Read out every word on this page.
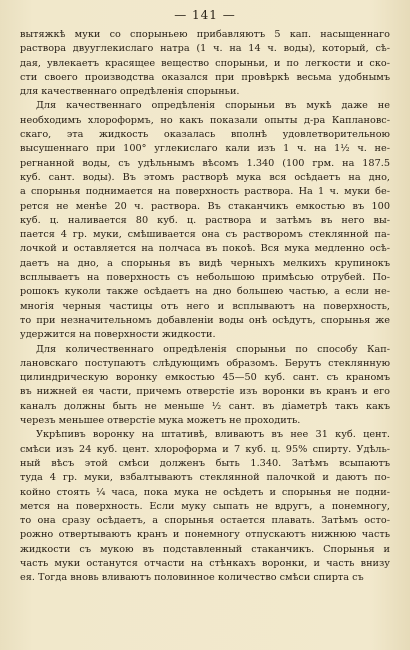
— 141 —
вытяжкѣ муки со спорыньею прибавляютъ 5 кап. насыщеннаго
раствора двууглекислаго натра (1 ч. на 14 ч. воды), который, сѣ-
дая, увлекаетъ красящее вещество спорыньи, и по легкости и ско-
сти своего производства оказался при провѣркѣ весьма удобнымъ
для качественнаго опредѣленія спорыньи.
Для качественнаго опредѣленія спорыньи въ мукѣ даже не
необходимъ хлороформъ, но какъ показали опыты д-ра Каплановс-
скаго, эта жидкость оказалась вполнѣ удовлетворительною
высушеннаго при 100° углекислаго кали изъ 1 ч. на 1½ ч. не-
регнанной воды, съ удѣльнымъ вѣсомъ 1.340 (100 грм. на 187.5
куб. сант. воды). Въ этомъ растворѣ мука вся осѣдаетъ на дно,
а спорынья поднимается на поверхность раствора. На 1 ч. муки бе-
рется не менѣе 20 ч. раствора. Въ стаканчикъ емкостью въ 100
куб. ц. наливается 80 куб. ц. раствора и затѣмъ въ него вы-
пается 4 гр. муки, смѣшивается она съ растворомъ стеклянной па-
лочкой и оставляется на полчаса въ покоѣ. Вся мука медленно осѣ-
даетъ на дно, а спорынья въ видѣ черныхъ мелкихъ крупинокъ
всплываетъ на поверхность съ небольшою примѣсью отрубей. По-
рошокъ куколи также осѣдаетъ на дно большею частью, а если не-
многія черныя частицы отъ него и всплываютъ на поверхность,
то при незначительномъ добавленіи воды онѣ осѣдутъ, спорынья же
удержится на поверхности жидкости.
Для количественнаго опредѣленія спорыньи по способу Кап-
лановскаго поступаютъ слѣдующимъ образомъ. Берутъ стеклянную
цилиндрическую воронку емкостью 45—50 куб. сант. съ краномъ
въ нижней ея части, причемъ отверстіе изъ воронки въ кранъ и его
каналъ должны быть не меньше ½ сант. въ діаметрѣ такъ какъ
черезъ меньшее отверстіе мука можетъ не проходить.
Укрѣпивъ воронку на штативѣ, вливаютъ въ нее 31 куб. цент.
смѣси изъ 24 куб. цент. хлороформа и 7 куб. ц. 95% спирту. Удѣль-
ный вѣсъ этой смѣси долженъ быть 1.340. Затѣмъ всыпаютъ
туда 4 гр. муки, взбалтываютъ стеклянной палочкой и даютъ по-
койно стоять ¼ часа, пока мука не осѣдетъ и спорынья не подни-
мется на поверхность. Если муку сыпать не вдругъ, а понемногу,
то она сразу осѣдаетъ, а спорынья остается плавать. Затѣмъ осто-
рожно отвертываютъ кранъ и понемногу отпускаютъ нижнюю часть
жидкости съ мукою въ подставленный стаканчикъ. Спорынья и
часть муки останутся отчасти на стѣнкахъ воронки, и часть внизу
ея. Тогда вновь вливаютъ половинное количество смѣси спирта съ
